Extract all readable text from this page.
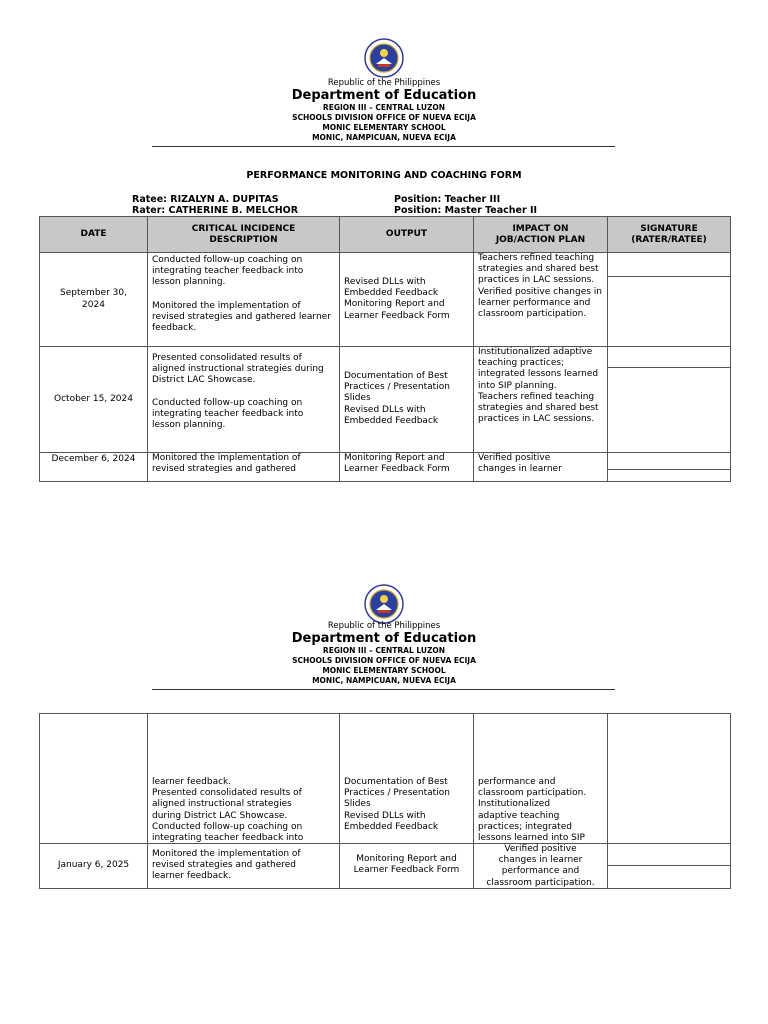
Republic of the Philippines
Department of Education
REGION III – CENTRAL LUZON
SCHOOLS DIVISION OFFICE OF NUEVA ECIJA
MONIC ELEMENTARY SCHOOL
MONIC, NAMPICUAN, NUEVA ECIJA
PERFORMANCE MONITORING AND COACHING FORM
Ratee: RIZALYN A. DUPITAS
Rater: CATHERINE B. MELCHOR
Position: Teacher III
Position: Master Teacher II
DATE
CRITICAL INCIDENCE
DESCRIPTION
OUTPUT
IMPACT ON
JOB/ACTION PLAN
SIGNATURE
(RATER/RATEE)
September 30,
2024
Conducted follow-up coaching on integrating teacher feedback into lesson planning.
Monitored the implementation of revised strategies and gathered learner feedback.
Revised DLLs with Embedded Feedback
Monitoring Report and Learner Feedback Form
Teachers refined teaching strategies and shared best practices in LAC sessions.
Verified positive changes in learner performance and classroom participation.
October 15, 2024
Presented consolidated results of aligned instructional strategies during District LAC Showcase.
Conducted follow-up coaching on integrating teacher feedback into lesson planning.
Documentation of Best Practices / Presentation Slides
Revised DLLs with Embedded Feedback
Institutionalized adaptive teaching practices; integrated lessons learned into SIP planning.
Teachers refined teaching strategies and shared best practices in LAC sessions.
December 6, 2024	Monitored the implementation of
revised strategies and gathered
Monitoring Report and
Learner Feedback Form
Verified positive
changes in learner
Republic of the Philippines
Department of Education
REGION III – CENTRAL LUZON
SCHOOLS DIVISION OFFICE OF NUEVA ECIJA
MONIC ELEMENTARY SCHOOL
MONIC, NAMPICUAN, NUEVA ECIJA
learner feedback.
Presented consolidated results of
aligned instructional strategies
during District LAC Showcase.
Conducted follow-up coaching on
integrating teacher feedback into
Documentation of Best
Practices / Presentation
Slides
Revised DLLs with
Embedded Feedback
performance and
classroom participation.
Institutionalized
adaptive teaching
practices; integrated
lessons learned into SIP
January 6, 2025
Monitored the implementation of
revised strategies and gathered
learner feedback.
Monitoring Report and
Learner Feedback Form
Verified positive
changes in learner
performance and
classroom participation.
